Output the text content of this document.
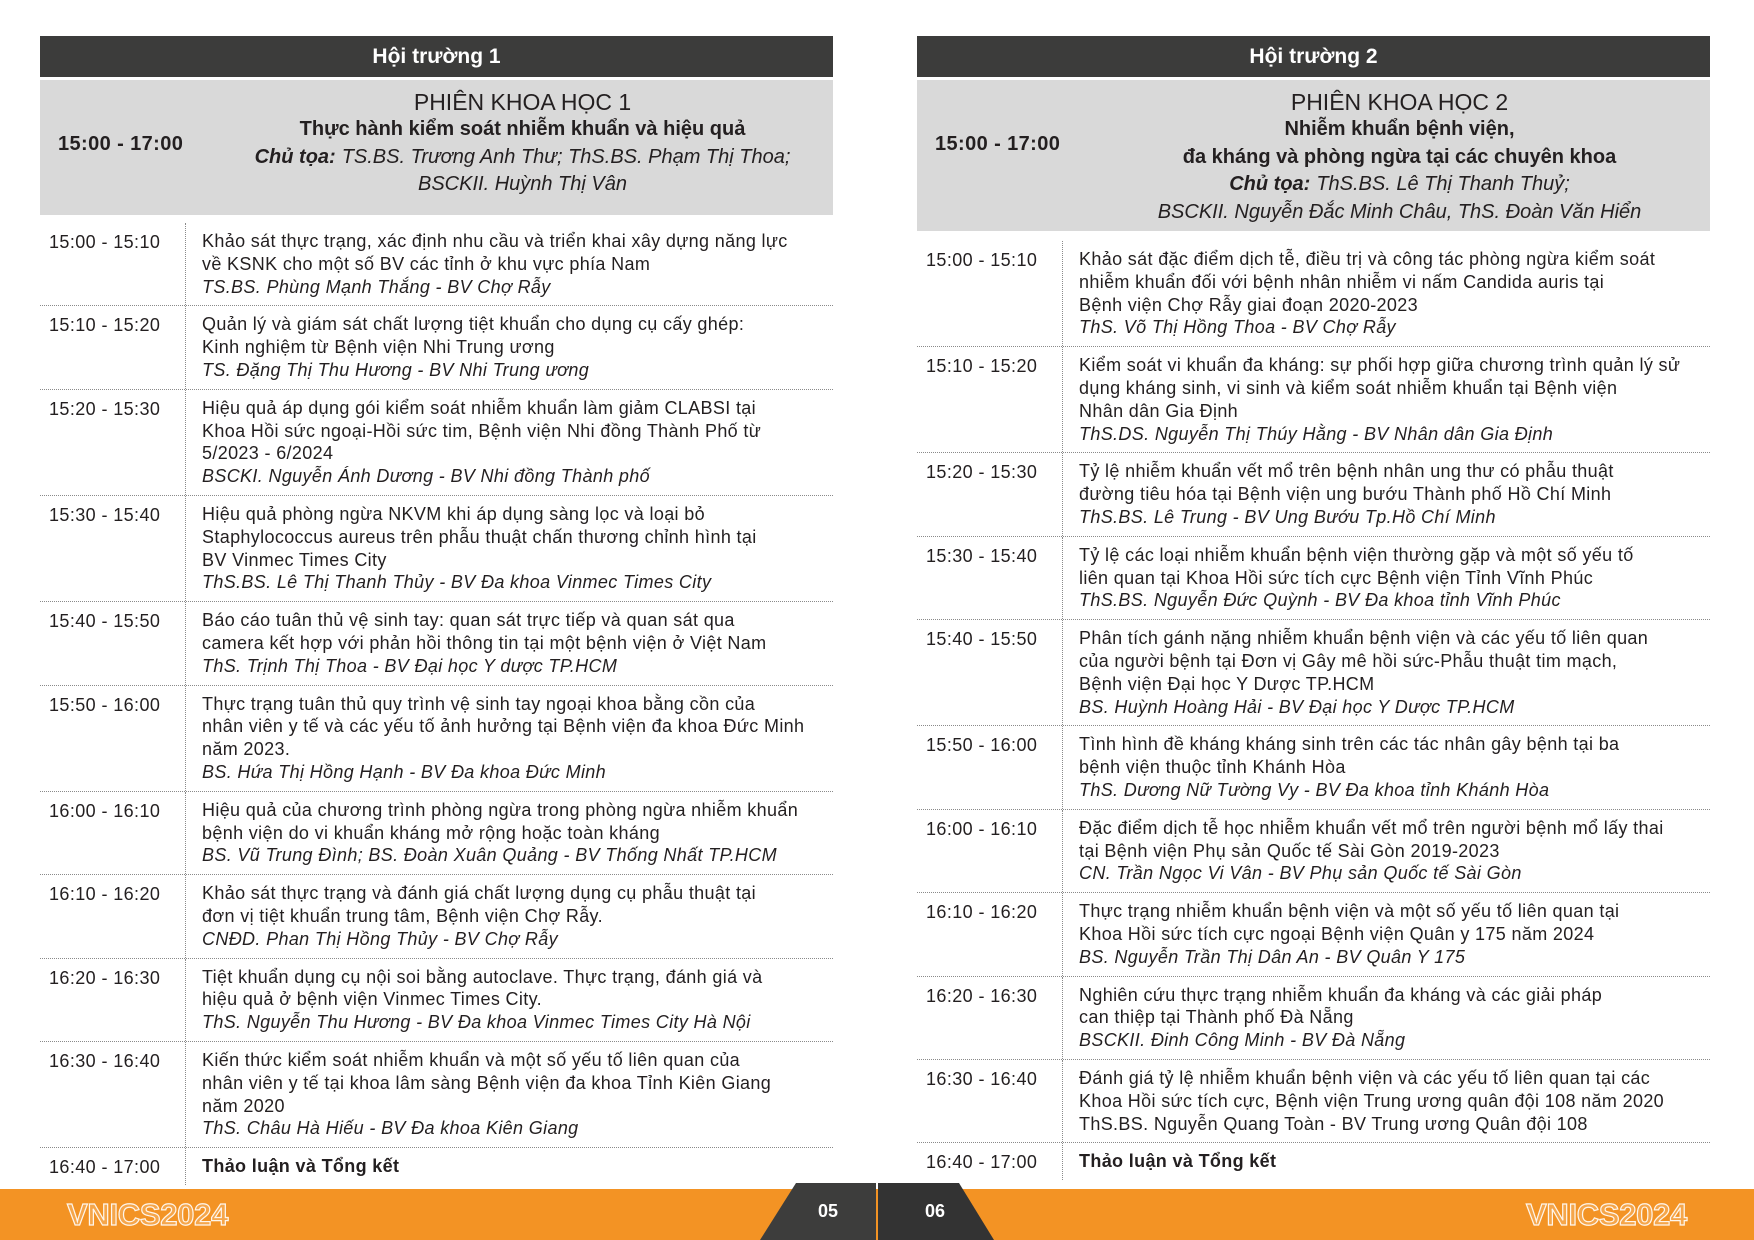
Hội trường 1
15:00 - 17:00
PHIÊN KHOA HỌC 1
Thực hành kiểm soát nhiễm khuẩn và hiệu quả
Chủ tọa: TS.BS. Trương Anh Thư; ThS.BS. Phạm Thị Thoa;
BSCKII. Huỳnh Thị Vân
15:00 - 15:10	Khảo sát thực trạng, xác định nhu cầu và triển khai xây dựng năng lực
về KSNK cho một số BV các tỉnh ở khu vực phía Nam
TS.BS. Phùng Mạnh Thắng - BV Chợ Rẫy
15:10 - 15:20	Quản lý và giám sát chất lượng tiệt khuẩn cho dụng cụ cấy ghép:
Kinh nghiệm từ Bệnh viện Nhi Trung ương
TS. Đặng Thị Thu Hương - BV Nhi Trung ương
15:20 - 15:30	Hiệu quả áp dụng gói kiểm soát nhiễm khuẩn làm giảm CLABSI tại
Khoa Hồi sức ngoại-Hồi sức tim, Bệnh viện Nhi đồng Thành Phố từ
5/2023 - 6/2024
BSCKI. Nguyễn Ánh Dương - BV Nhi đồng Thành phố
15:30 - 15:40	Hiệu quả phòng ngừa NKVM khi áp dụng sàng lọc và loại bỏ
Staphylococcus aureus trên phẫu thuật chấn thương chỉnh hình tại
BV Vinmec Times City
ThS.BS. Lê Thị Thanh Thủy - BV Đa khoa Vinmec Times City
15:40 - 15:50	Báo cáo tuân thủ vệ sinh tay: quan sát trực tiếp và quan sát qua
camera kết hợp với phản hồi thông tin tại một bệnh viện ở Việt Nam
ThS. Trịnh Thị Thoa - BV Đại học Y dược TP.HCM
15:50 - 16:00	Thực trạng tuân thủ quy trình vệ sinh tay ngoại khoa bằng cồn của
nhân viên y tế và các yếu tố ảnh hưởng tại Bệnh viện đa khoa Đức Minh
năm 2023.
BS. Hứa Thị Hồng Hạnh - BV Đa khoa Đức Minh
16:00 - 16:10	Hiệu quả của chương trình phòng ngừa trong phòng ngừa nhiễm khuẩn
bệnh viện do vi khuẩn kháng mở rộng hoặc toàn kháng
BS. Vũ Trung Đình; BS. Đoàn Xuân Quảng - BV Thống Nhất TP.HCM
16:10 - 16:20	Khảo sát thực trạng và đánh giá chất lượng dụng cụ phẫu thuật tại
đơn vị tiệt khuẩn trung tâm, Bệnh viện Chợ Rẫy.
CNĐD. Phan Thị Hồng Thủy - BV Chợ Rẫy
16:20 - 16:30	Tiệt khuẩn dụng cụ nội soi bằng autoclave. Thực trạng, đánh giá và
hiệu quả ở bệnh viện Vinmec Times City.
ThS. Nguyễn Thu Hương - BV Đa khoa Vinmec Times City Hà Nội
16:30 - 16:40	Kiến thức kiểm soát nhiễm khuẩn và một số yếu tố liên quan của
nhân viên y tế tại khoa lâm sàng Bệnh viện đa khoa Tỉnh Kiên Giang
năm 2020
ThS. Châu Hà Hiếu - BV Đa khoa Kiên Giang
16:40 - 17:00	Thảo luận và Tổng kết
Hội trường 2
15:00 - 17:00
PHIÊN KHOA HỌC 2
Nhiễm khuẩn bệnh viện,
đa kháng và phòng ngừa tại các chuyên khoa
Chủ tọa: ThS.BS. Lê Thị Thanh Thuỷ;
BSCKII. Nguyễn Đắc Minh Châu, ThS. Đoàn Văn Hiển
15:00 - 15:10	Khảo sát đặc điểm dịch tễ, điều trị và công tác phòng ngừa kiểm soát
nhiễm khuẩn đối với bệnh nhân nhiễm vi nấm Candida auris tại
Bệnh viện Chợ Rẫy giai đoạn 2020-2023
ThS. Võ Thị Hồng Thoa - BV Chợ Rẫy
15:10 - 15:20	Kiểm soát vi khuẩn đa kháng: sự phối hợp giữa chương trình quản lý sử
dụng kháng sinh, vi sinh và kiểm soát nhiễm khuẩn tại Bệnh viện
Nhân dân Gia Định
ThS.DS. Nguyễn Thị Thúy Hằng - BV Nhân dân Gia Định
15:20 - 15:30	Tỷ lệ nhiễm khuẩn vết mổ trên bệnh nhân ung thư có phẫu thuật
đường tiêu hóa tại Bệnh viện ung bướu Thành phố Hồ Chí Minh
ThS.BS. Lê Trung - BV Ung Bướu Tp.Hồ Chí Minh
15:30 - 15:40	Tỷ lệ các loại nhiễm khuẩn bệnh viện thường gặp và một số yếu tố
liên quan tại Khoa Hồi sức tích cực Bệnh viện Tỉnh Vĩnh Phúc
ThS.BS. Nguyễn Đức Quỳnh - BV Đa khoa tỉnh Vĩnh Phúc
15:40 - 15:50	Phân tích gánh nặng nhiễm khuẩn bệnh viện và các yếu tố liên quan
của người bệnh tại Đơn vị Gây mê hồi sức-Phẫu thuật tim mạch,
Bệnh viện Đại học Y Dược TP.HCM
BS. Huỳnh Hoàng Hải - BV Đại học Y Dược TP.HCM
15:50 - 16:00	Tình hình đề kháng kháng sinh trên các tác nhân gây bệnh tại ba
bệnh viện thuộc tỉnh Khánh Hòa
ThS. Dương Nữ Tường Vy - BV Đa khoa tỉnh Khánh Hòa
16:00 - 16:10	Đặc điểm dịch tễ học nhiễm khuẩn vết mổ trên người bệnh mổ lấy thai
tại Bệnh viện Phụ sản Quốc tế Sài Gòn 2019-2023
CN. Trần Ngọc Vi Vân - BV Phụ sản Quốc tế Sài Gòn
16:10 - 16:20	Thực trạng nhiễm khuẩn bệnh viện và một số yếu tố liên quan tại
Khoa Hồi sức tích cực ngoại Bệnh viện Quân y 175 năm 2024
BS. Nguyễn Trần Thị Dân An - BV Quân Y 175
16:20 - 16:30	Nghiên cứu thực trạng nhiễm khuẩn đa kháng và các giải pháp
can thiệp tại Thành phố Đà Nẵng
BSCKII. Đinh Công Minh - BV Đà Nẵng
16:30 - 16:40	Đánh giá tỷ lệ nhiễm khuẩn bệnh viện và các yếu tố liên quan tại các
Khoa Hồi sức tích cực, Bệnh viện Trung ương quân đội 108 năm 2020
ThS.BS. Nguyễn Quang Toàn - BV Trung ương Quân đội 108
16:40 - 17:00	Thảo luận và Tổng kết
05	06
VNICS2024	VNICS2024
